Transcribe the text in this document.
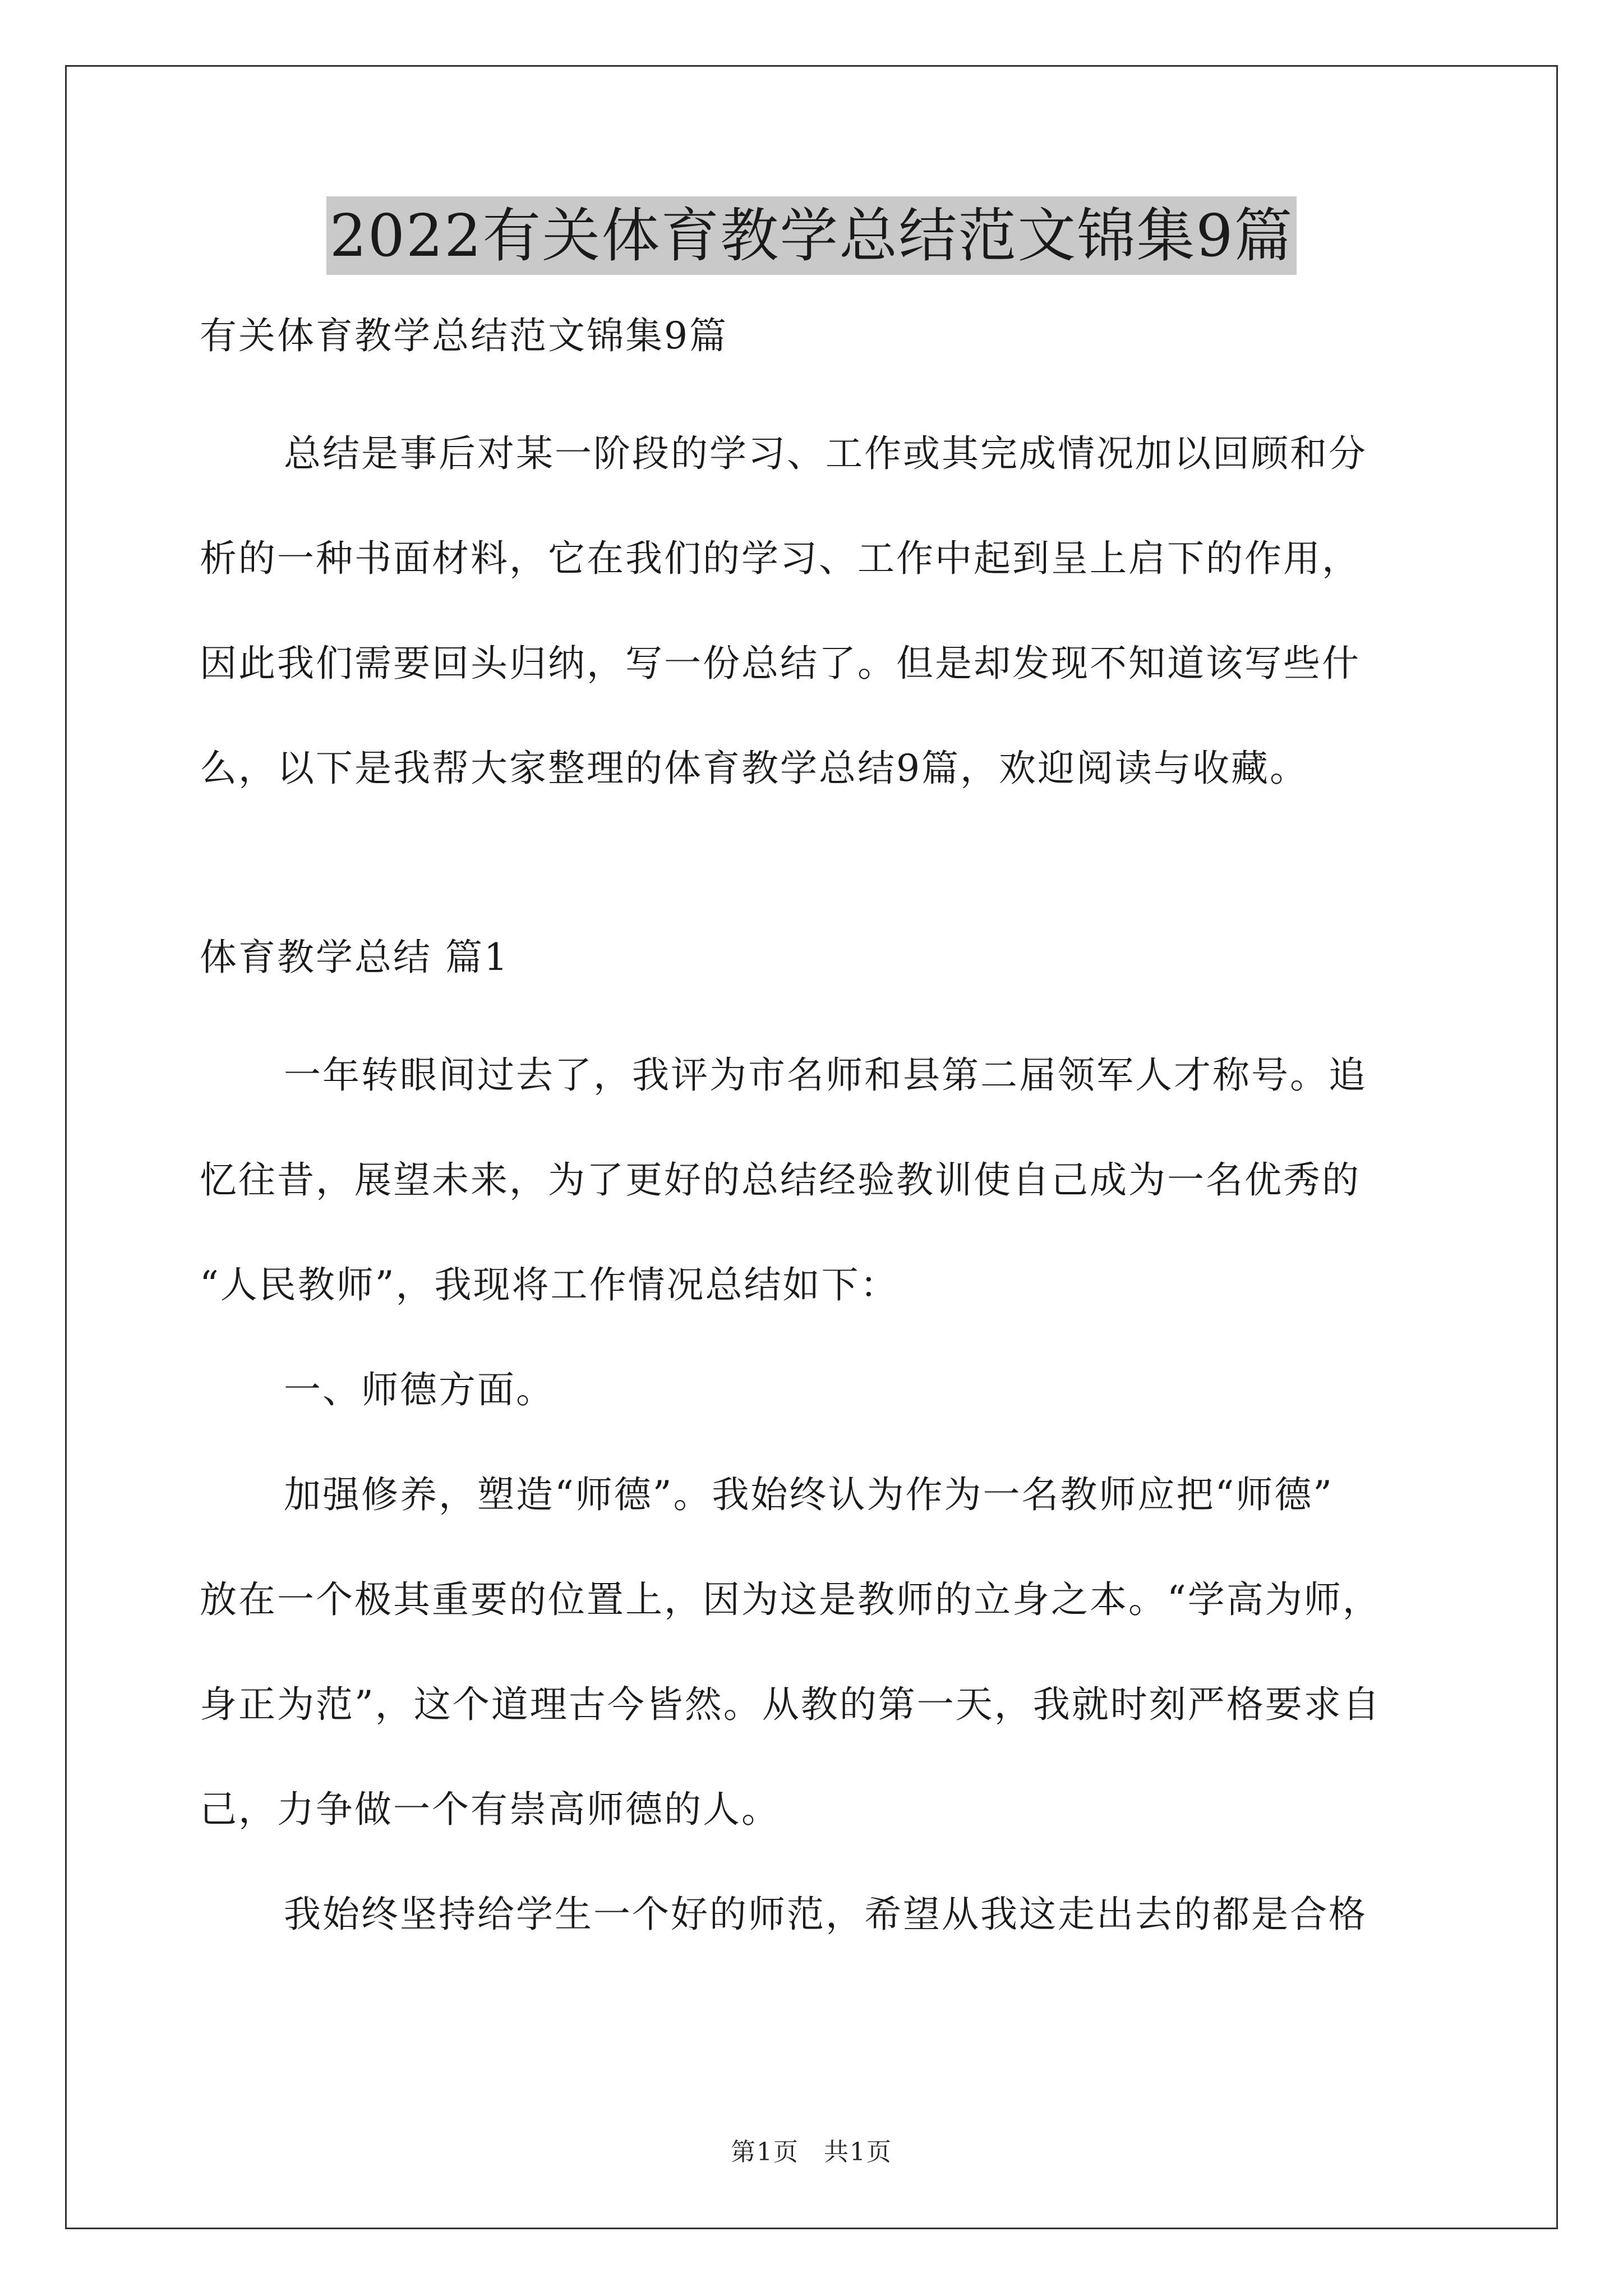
2022有关体育教学总结范文锦集9篇
有关体育教学总结范文锦集9篇
总结是事后对某一阶段的学习、工作或其完成情况加以回顾和分
析的一种书面材料，它在我们的学习、工作中起到呈上启下的作用，
因此我们需要回头归纳，写一份总结了。但是却发现不知道该写些什
么，以下是我帮大家整理的体育教学总结9篇，欢迎阅读与收藏。
体育教学总结 篇1
一年转眼间过去了，我评为市名师和县第二届领军人才称号。追
忆往昔，展望未来，为了更好的总结经验教训使自己成为一名优秀的
“人民教师”，我现将工作情况总结如下：
一、师德方面。
加强修养，塑造“师德”。我始终认为作为一名教师应把“师德”
放在一个极其重要的位置上，因为这是教师的立身之本。“学高为师，
身正为范”，这个道理古今皆然。从教的第一天，我就时刻严格要求自
己，力争做一个有崇高师德的人。
我始终坚持给学生一个好的师范，希望从我这走出去的都是合格
第1页 共1页
